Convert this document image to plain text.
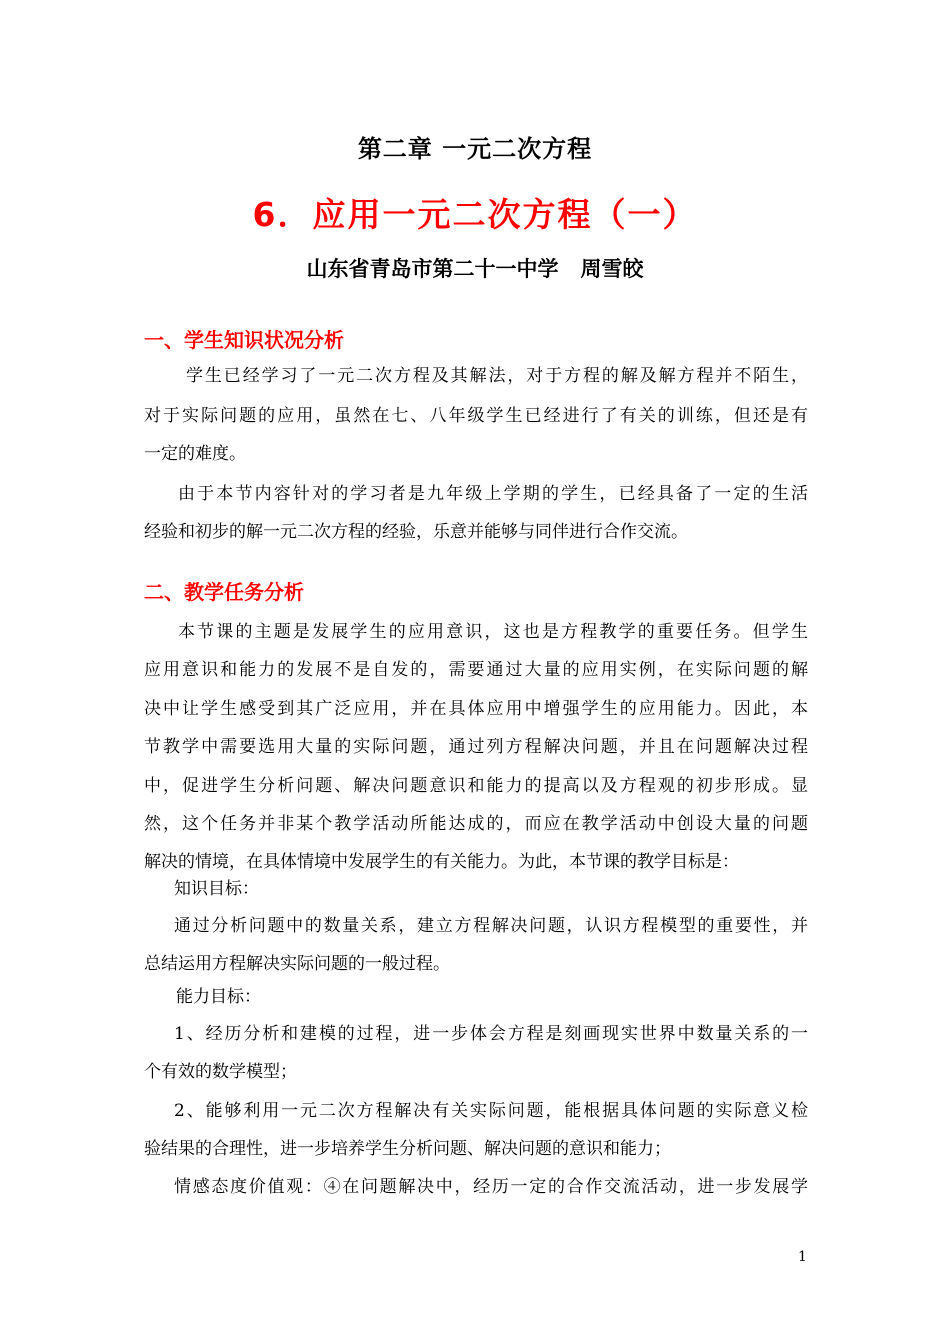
第二章 一元二次方程
6．应用一元二次方程（一）
山东省青岛市第二十一中学   周雪皎
一、学生知识状况分析
学生已经学习了一元二次方程及其解法，对于方程的解及解方程并不陌生，
对于实际问题的应用，虽然在七、八年级学生已经进行了有关的训练，但还是有
一定的难度。
由于本节内容针对的学习者是九年级上学期的学生，已经具备了一定的生活
经验和初步的解一元二次方程的经验，乐意并能够与同伴进行合作交流。
二、教学任务分析
本节课的主题是发展学生的应用意识，这也是方程教学的重要任务。但学生
应用意识和能力的发展不是自发的，需要通过大量的应用实例，在实际问题的解
决中让学生感受到其广泛应用，并在具体应用中增强学生的应用能力。因此，本
节教学中需要选用大量的实际问题，通过列方程解决问题，并且在问题解决过程
中，促进学生分析问题、解决问题意识和能力的提高以及方程观的初步形成。显
然，这个任务并非某个教学活动所能达成的，而应在教学活动中创设大量的问题
解决的情境，在具体情境中发展学生的有关能力。为此，本节课的教学目标是：
知识目标：
通过分析问题中的数量关系，建立方程解决问题，认识方程模型的重要性，并
总结运用方程解决实际问题的一般过程。
能力目标：
1、经历分析和建模的过程，进一步体会方程是刻画现实世界中数量关系的一
个有效的数学模型；
2、能够利用一元二次方程解决有关实际问题，能根据具体问题的实际意义检
验结果的合理性，进一步培养学生分析问题、解决问题的意识和能力；
情感态度价值观：④在问题解决中，经历一定的合作交流活动，进一步发展学
1
